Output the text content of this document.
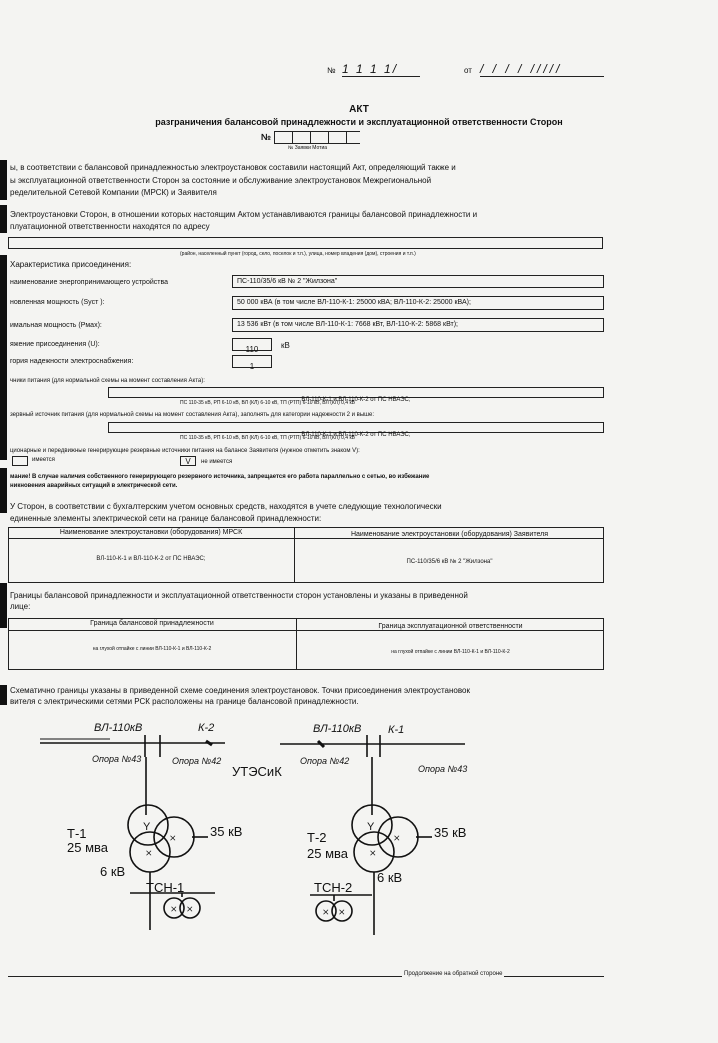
№ 1 1 1 1/	от / / / / /////
АКТ
разграничения балансовой принадлежности и эксплуатационной ответственности Сторон
№
№ Заявки Мотиа
ы, в соответствии с балансовой принадлежностью электроустановок составили настоящий Акт, определяющий также и
ы эксплуатационной ответственности Сторон за состояние и обслуживание электроустановок Межрегиональной
ределительной Сетевой Компании (МРСК) и Заявителя
Электроустановки Сторон, в отношении которых настоящим Актом устанавливаются границы балансовой принадлежности и
плуатационной ответственности находятся по адресу
(район, населенный пункт (город, село, поселок и т.п.), улица, номер владения (дом), строения и т.п.)
Характеристика присоединения:
наименование энергопринимающего устройства	ПС-110/35/6 кВ № 2 "Жилзона"
новленная мощность (Sуст ):	50 000 кВА (в том числе ВЛ-110-К-1: 25000 кВА; ВЛ-110-К-2: 25000 кВА);
имальная мощность (Pмах):	13 536 кВт (в том числе ВЛ-110-К-1: 7668 кВт, ВЛ-110-К-2: 5868 кВт);
яжение присоединения (U):
110	кВ
гория надежности электроснабжения:
1
чники питания (для нормальной схемы на момент составления Акта):
ВЛ-110-К-1 и ВЛ-110-К-2 от ПС НВАЭС;
ПС 110-35 кВ, РП 6-10 кВ, ВЛ (КЛ) 6-10 кВ, ТП (РТП) 6-10 кВ, ВЛ (КЛ) 0,4 кВ
зервный источник питания (для нормальной схемы на момент составления Акта), заполнять для категории надежности 2 и выше:
ВЛ-110-К-1 и ВЛ-110-К-2 от ПС НВАЭС;
ПС 110-35 кВ, РП 6-10 кВ, ВЛ (КЛ) 6-10 кВ, ТП (РТП) 6-10 кВ, ВЛ (КЛ) 0,4 кВ
ционарные и передвижные генерирующие резервные источники питания на балансе Заявителя (нужное отметить знаком V):
имеется	V	не имеется
мание! В случае наличия собственного генерирующего резервного источника, запрещается его работа параллельно с сетью, во избежание
никновения аварийных ситуаций в электрической сети.
У Сторон, в соответствии с бухгалтерским учетом основных средств, находятся в учете следующие технологически
единенные элементы электрической сети на границе балансовой принадлежности:
Наименование электроустановки (оборудования) МРСК	Наименование электроустановки (оборудования) Заявителя
ВЛ-110-К-1 и ВЛ-110-К-2 от ПС НВАЭС;	ПС-110/35/6 кВ № 2 "Жилзона"
Границы балансовой принадлежности и эксплуатационной ответственности сторон установлены и указаны в приведенной
лице:
Граница балансовой принадлежности	Граница эксплуатационной ответственности
на глухой отпайке с линии ВЛ-110-К-1 и ВЛ-110-К-2	на глухой отпайке с линии ВЛ-110-К-1 и ВЛ-110-К-2
Схематично границы указаны в приведенной схеме соединения электроустановок. Точки присоединения электроустановок
вителя с электрическими сетями РСК расположены на границе балансовой принадлежности.
Y	Y
⨯
⨯
⨯
⨯
⨯ ⨯	⨯ ⨯
ВЛ-110кВ	К-2
Опора №43	Опора №42
УТЭСиК
ВЛ-110кВ К-1
Опора №42
Опора №43
Т-1
25 мва
35 кВ
6 кВ
ТСН-1
Т-2
25 мва
35 кВ
6 кВ
ТСН-2
Продолжение на обратной стороне
